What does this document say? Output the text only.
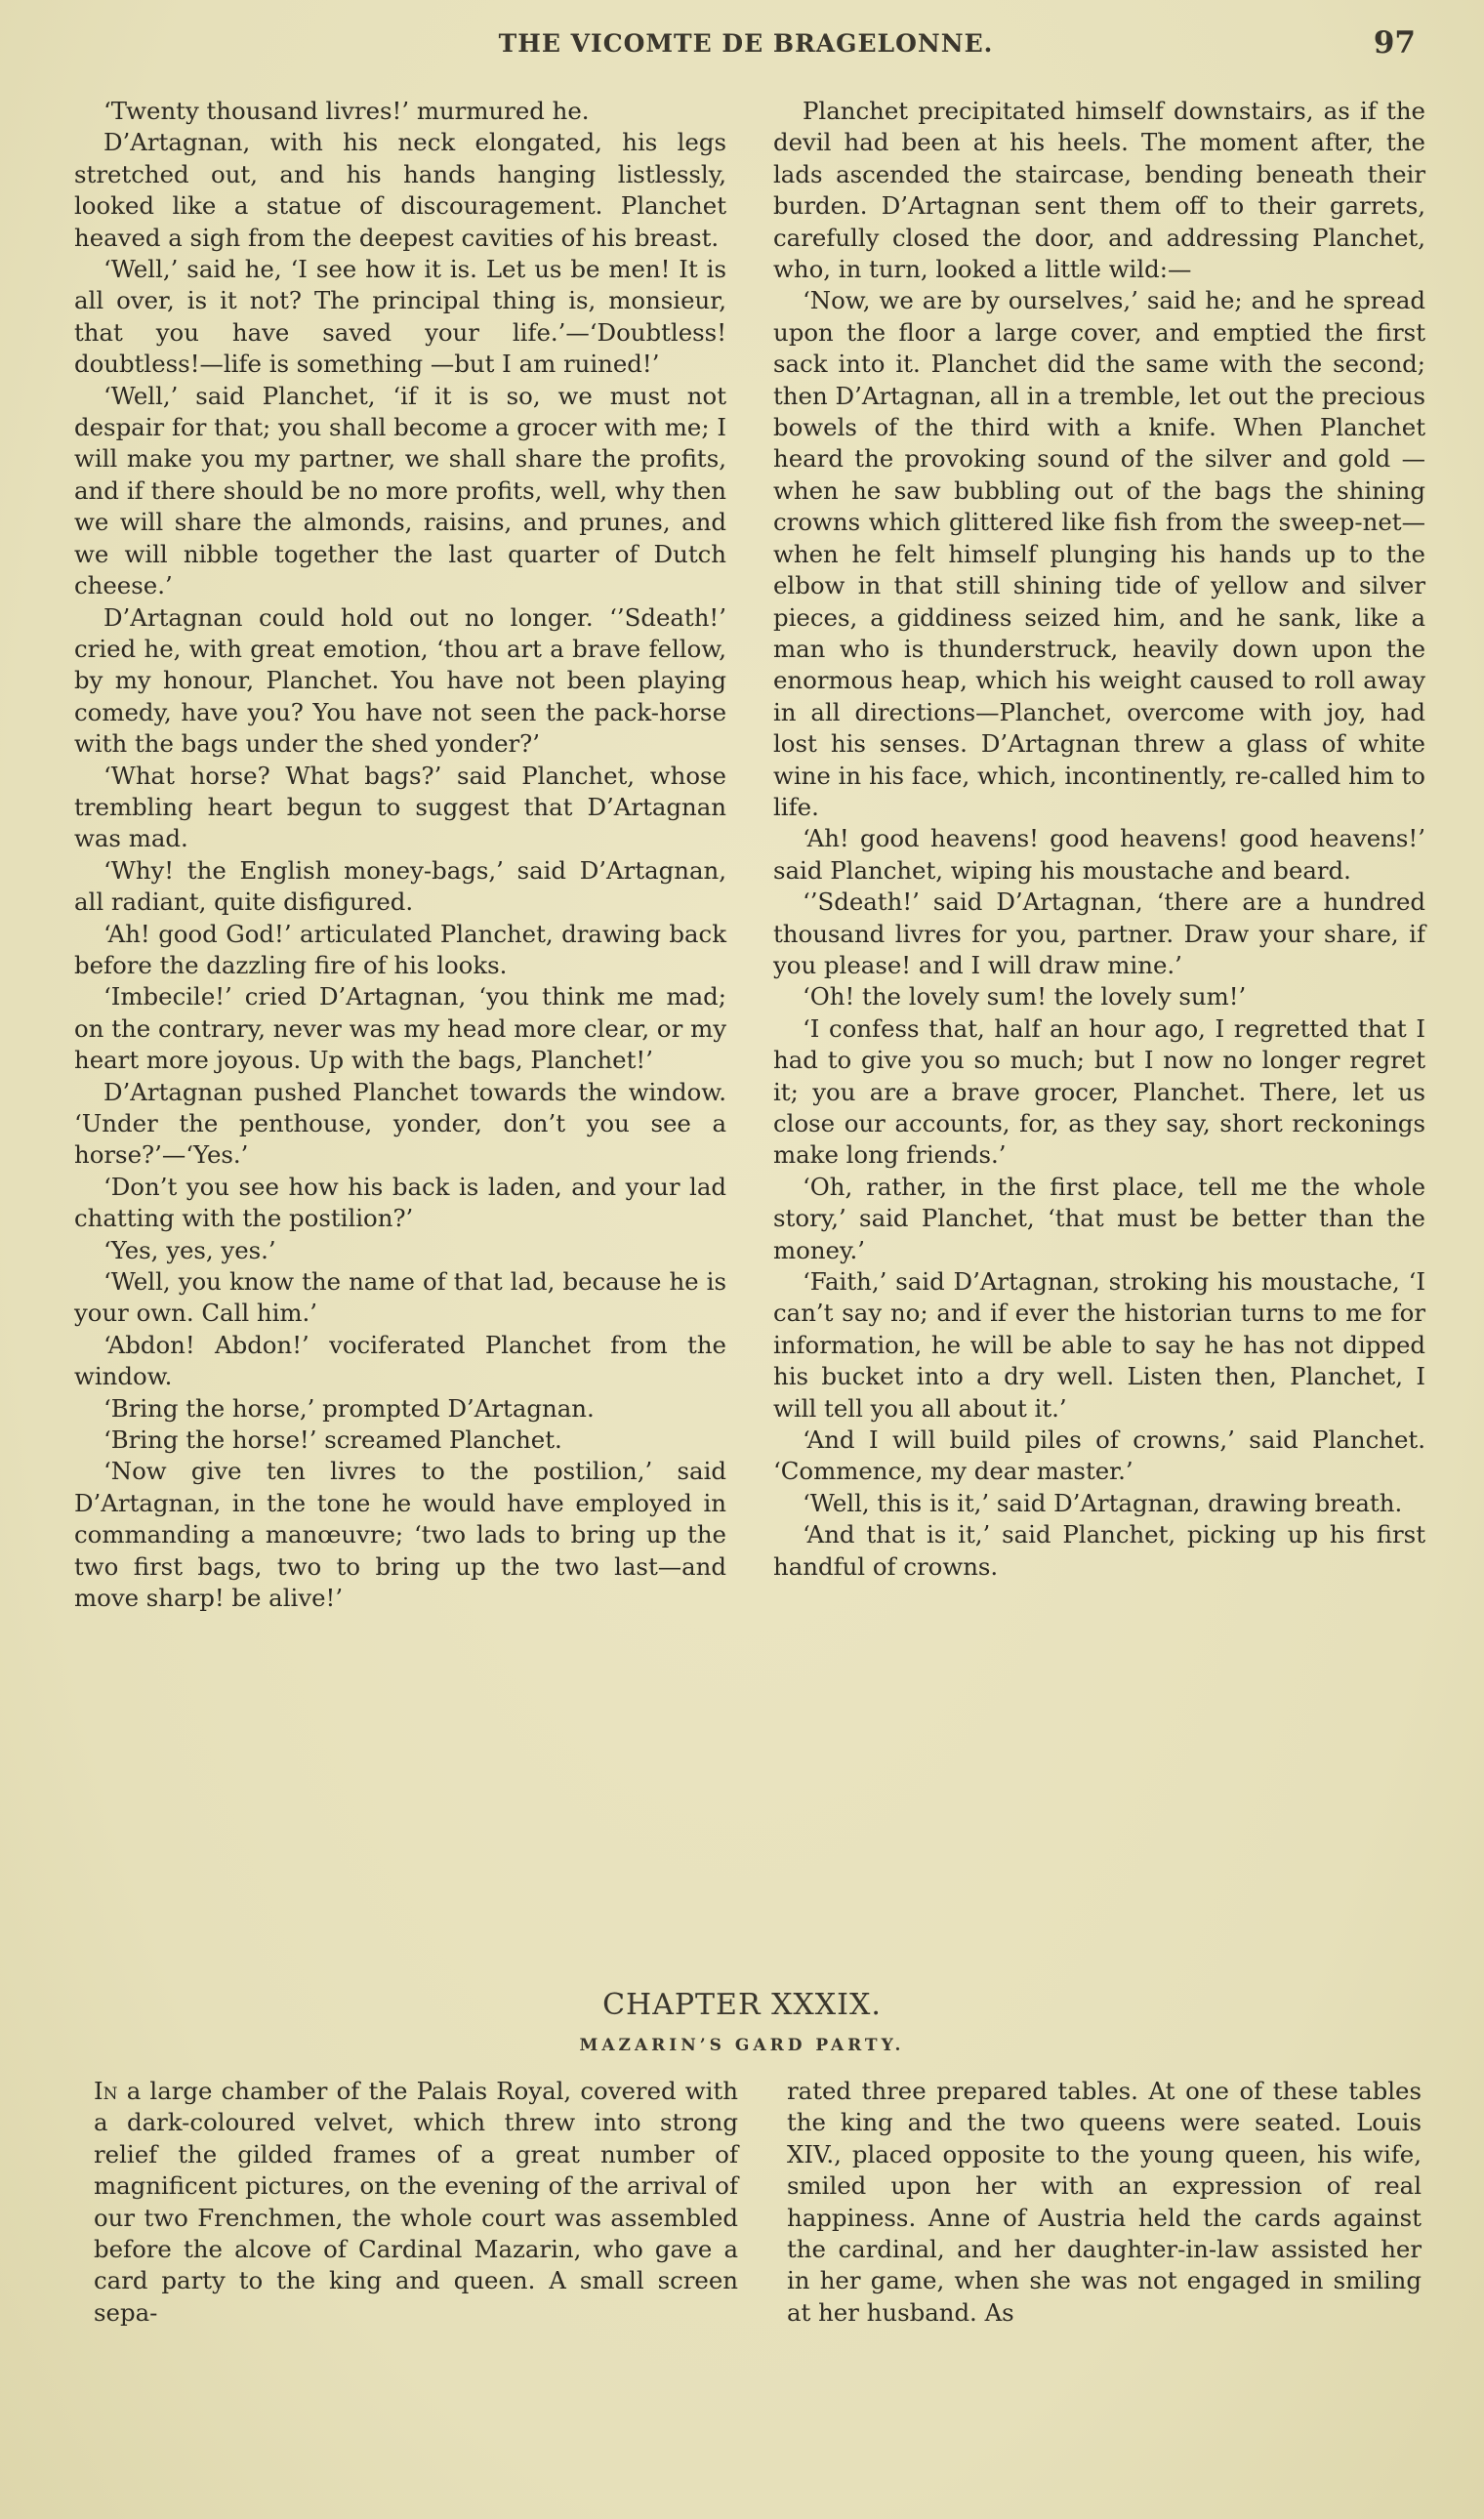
THE VICOMTE DE BRAGELONNE.	97

‘Twenty thousand livres!’ murmured he.

D’Artagnan, with his neck elongated, his legs stretched out, and his hands hanging listlessly, looked like a statue of discouragement. Planchet heaved a sigh from the deepest cavities of his breast.

‘Well,’ said he, ‘I see how it is. Let us be men! It is all over, is it not? The principal thing is, monsieur, that you have saved your life.’—‘Doubtless! doubtless!—life is something —but I am ruined!’

‘Well,’ said Planchet, ‘if it is so, we must not despair for that; you shall become a grocer with me; I will make you my partner, we shall share the profits, and if there should be no more profits, well, why then we will share the almonds, raisins, and prunes, and we will nibble together the last quarter of Dutch cheese.’

D’Artagnan could hold out no longer. ‘’Sdeath!’ cried he, with great emotion, ‘thou art a brave fellow, by my honour, Planchet. You have not been playing comedy, have you? You have not seen the pack-horse with the bags under the shed yonder?’

‘What horse? What bags?’ said Planchet, whose trembling heart begun to suggest that D’Artagnan was mad.

‘Why! the English money-bags,’ said D’Artagnan, all radiant, quite disfigured.

‘Ah! good God!’ articulated Planchet, drawing back before the dazzling fire of his looks.

‘Imbecile!’ cried D’Artagnan, ‘you think me mad; on the contrary, never was my head more clear, or my heart more joyous. Up with the bags, Planchet!’

D’Artagnan pushed Planchet towards the window. ‘Under the penthouse, yonder, don’t you see a horse?’—‘Yes.’

‘Don’t you see how his back is laden, and your lad chatting with the postilion?’

‘Yes, yes, yes.’

‘Well, you know the name of that lad, because he is your own. Call him.’

‘Abdon! Abdon!’ vociferated Planchet from the window.

‘Bring the horse,’ prompted D’Artagnan.

‘Bring the horse!’ screamed Planchet.

‘Now give ten livres to the postilion,’ said D’Artagnan, in the tone he would have employed in commanding a manœuvre; ‘two lads to bring up the two first bags, two to bring up the two last—and move sharp! be alive!’

Planchet precipitated himself downstairs, as if the devil had been at his heels. The moment after, the lads ascended the staircase, bending beneath their burden. D’Artagnan sent them off to their garrets, carefully closed the door, and addressing Planchet, who, in turn, looked a little wild:—

‘Now, we are by ourselves,’ said he; and he spread upon the floor a large cover, and emptied the first sack into it. Planchet did the same with the second; then D’Artagnan, all in a tremble, let out the precious bowels of the third with a knife. When Planchet heard the provoking sound of the silver and gold — when he saw bubbling out of the bags the shining crowns which glittered like fish from the sweep-net—when he felt himself plunging his hands up to the elbow in that still shining tide of yellow and silver pieces, a giddiness seized him, and he sank, like a man who is thunderstruck, heavily down upon the enormous heap, which his weight caused to roll away in all directions—Planchet, overcome with joy, had lost his senses. D’Artagnan threw a glass of white wine in his face, which, incontinently, re-called him to life.

‘Ah! good heavens! good heavens! good heavens!’ said Planchet, wiping his moustache and beard.

‘’Sdeath!’ said D’Artagnan, ‘there are a hundred thousand livres for you, partner. Draw your share, if you please! and I will draw mine.’

‘Oh! the lovely sum! the lovely sum!’

‘I confess that, half an hour ago, I regretted that I had to give you so much; but I now no longer regret it; you are a brave grocer, Planchet. There, let us close our accounts, for, as they say, short reckonings make long friends.’

‘Oh, rather, in the first place, tell me the whole story,’ said Planchet, ‘that must be better than the money.’

‘Faith,’ said D’Artagnan, stroking his moustache, ‘I can’t say no; and if ever the historian turns to me for information, he will be able to say he has not dipped his bucket into a dry well. Listen then, Planchet, I will tell you all about it.’

‘And I will build piles of crowns,’ said Planchet. ‘Commence, my dear master.’

‘Well, this is it,’ said D’Artagnan, drawing breath.

‘And that is it,’ said Planchet, picking up his first handful of crowns.

CHAPTER XXXIX.
MAZARIN’S GARD PARTY.

In a large chamber of the Palais Royal, covered with a dark-coloured velvet, which threw into strong relief the gilded frames of a great number of magnificent pictures, on the evening of the arrival of our two Frenchmen, the whole court was assembled before the alcove of Cardinal Mazarin, who gave a card party to the king and queen. A small screen sepa-

rated three prepared tables. At one of these tables the king and the two queens were seated. Louis XIV., placed opposite to the young queen, his wife, smiled upon her with an expression of real happiness. Anne of Austria held the cards against the cardinal, and her daughter-in-law assisted her in her game, when she was not engaged in smiling at her husband. As
